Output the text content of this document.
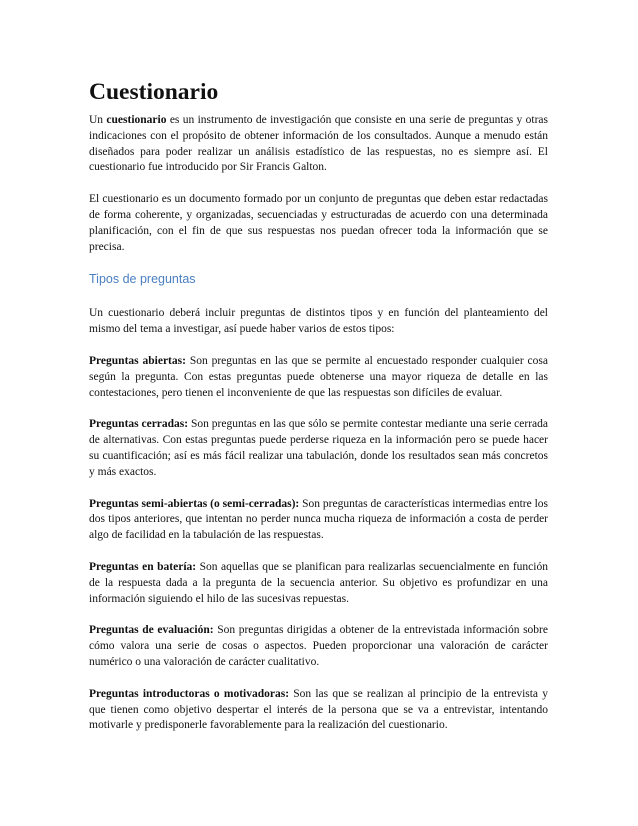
Cuestionario

Un cuestionario es un instrumento de investigación que consiste en una serie de preguntas y otras indicaciones con el propósito de obtener información de los consultados. Aunque a menudo están diseñados para poder realizar un análisis estadístico de las respuestas, no es siempre así. El cuestionario fue introducido por Sir Francis Galton.

El cuestionario es un documento formado por un conjunto de preguntas que deben estar redactadas de forma coherente, y organizadas, secuenciadas y estructuradas de acuerdo con una determinada planificación, con el fin de que sus respuestas nos puedan ofrecer toda la información que se precisa.

Tipos de preguntas

Un cuestionario deberá incluir preguntas de distintos tipos y en función del planteamiento del mismo del tema a investigar, así puede haber varios de estos tipos:

Preguntas abiertas: Son preguntas en las que se permite al encuestado responder cualquier cosa según la pregunta. Con estas preguntas puede obtenerse una mayor riqueza de detalle en las contestaciones, pero tienen el inconveniente de que las respuestas son difíciles de evaluar.

Preguntas cerradas: Son preguntas en las que sólo se permite contestar mediante una serie cerrada de alternativas. Con estas preguntas puede perderse riqueza en la información pero se puede hacer su cuantificación; así es más fácil realizar una tabulación, donde los resultados sean más concretos y más exactos.

Preguntas semi-abiertas (o semi-cerradas): Son preguntas de características intermedias entre los dos tipos anteriores, que intentan no perder nunca mucha riqueza de información a costa de perder algo de facilidad en la tabulación de las respuestas.

Preguntas en batería: Son aquellas que se planifican para realizarlas secuencialmente en función de la respuesta dada a la pregunta de la secuencia anterior. Su objetivo es profundizar en una información siguiendo el hilo de las sucesivas repuestas.

Preguntas de evaluación: Son preguntas dirigidas a obtener de la entrevistada información sobre cómo valora una serie de cosas o aspectos. Pueden proporcionar una valoración de carácter numérico o una valoración de carácter cualitativo.

Preguntas introductoras o motivadoras: Son las que se realizan al principio de la entrevista y que tienen como objetivo despertar el interés de la persona que se va a entrevistar, intentando motivarle y predisponerle favorablemente para la realización del cuestionario.
